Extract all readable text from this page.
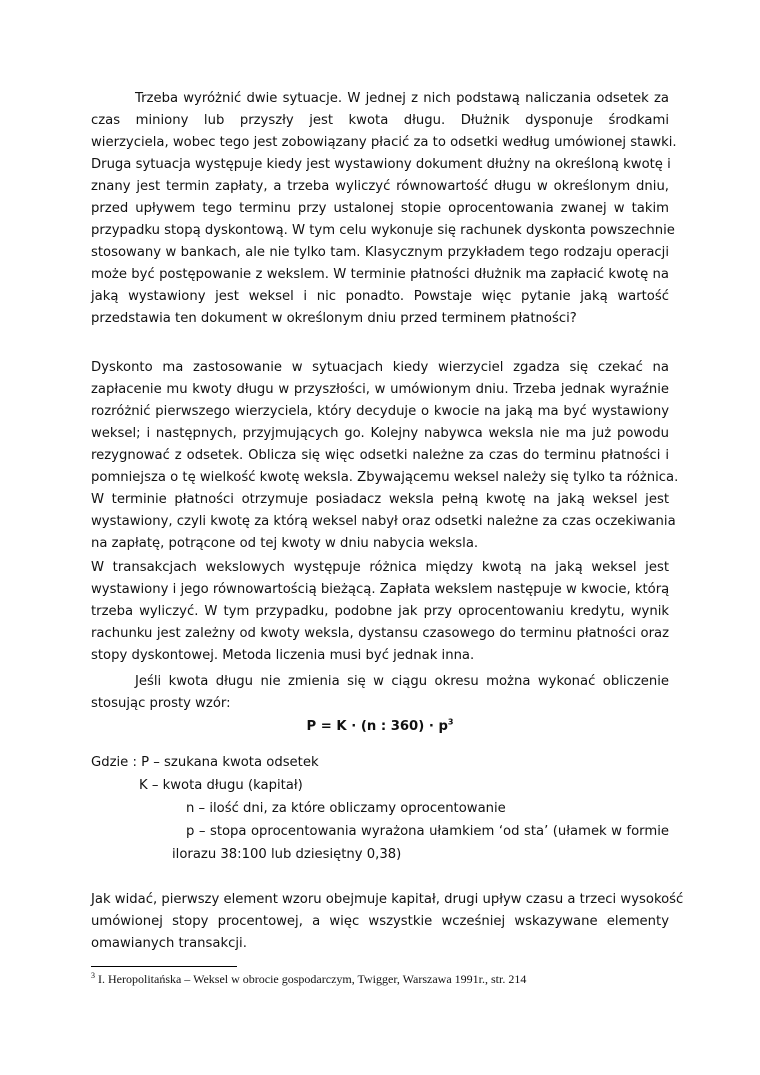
Trzeba wyróżnić dwie sytuacje. W jednej z nich podstawą naliczania odsetek za
czas miniony lub przyszły jest kwota długu. Dłużnik dysponuje środkami
wierzyciela, wobec tego jest zobowiązany płacić za to odsetki według umówionej stawki.
Druga sytuacja występuje kiedy jest wystawiony dokument dłużny na określoną kwotę i
znany jest termin zapłaty, a trzeba wyliczyć równowartość długu w określonym dniu,
przed upływem tego terminu przy ustalonej stopie oprocentowania zwanej w takim
przypadku stopą dyskontową. W tym celu wykonuje się rachunek dyskonta powszechnie
stosowany w bankach, ale nie tylko tam. Klasycznym przykładem tego rodzaju operacji
może być postępowanie z wekslem. W terminie płatności dłużnik ma zapłacić kwotę na
jaką wystawiony jest weksel i nic ponadto. Powstaje więc pytanie jaką wartość
przedstawia ten dokument w określonym dniu przed terminem płatności?
Dyskonto ma zastosowanie w sytuacjach kiedy wierzyciel zgadza się czekać na
zapłacenie mu kwoty długu w przyszłości, w umówionym dniu. Trzeba jednak wyraźnie
rozróżnić pierwszego wierzyciela, który decyduje o kwocie na jaką ma być wystawiony
weksel; i następnych, przyjmujących go. Kolejny nabywca weksla nie ma już powodu
rezygnować z odsetek. Oblicza się więc odsetki należne za czas do terminu płatności i
pomniejsza o tę wielkość kwotę weksla. Zbywającemu weksel należy się tylko ta różnica.
W terminie płatności otrzymuje posiadacz weksla pełną kwotę na jaką weksel jest
wystawiony, czyli kwotę za którą weksel nabył oraz odsetki należne za czas oczekiwania
na zapłatę, potrącone od tej kwoty w dniu nabycia weksla.
W transakcjach wekslowych występuje różnica między kwotą na jaką weksel jest
wystawiony i jego równowartością bieżącą. Zapłata wekslem następuje w kwocie, którą
trzeba wyliczyć. W tym przypadku, podobne jak przy oprocentowaniu kredytu, wynik
rachunku jest zależny od kwoty weksla, dystansu czasowego do terminu płatności oraz
stopy dyskontowej. Metoda liczenia musi być jednak inna.
Jeśli kwota długu nie zmienia się w ciągu okresu można wykonać obliczenie
stosując prosty wzór:
P = K · (n : $360) \cdot p^3$
Gdzie : P – szukana kwota odsetek
K – kwota długu (kapitał)
n – ilość dni, za które obliczamy oprocentowanie
p – stopa oprocentowania wyrażona ułamkiem ‘od sta’ (ułamek w formie
ilorazu 38:100 lub dziesiętny 0,38)
Jak widać, pierwszy element wzoru obejmuje kapitał, drugi upływ czasu a trzeci wysokość
umówionej stopy procentowej, a więc wszystkie wcześniej wskazywane elementy
omawianych transakcji.
$^3$ I. Heropolitańska – Weksel w obrocie gospodarczym, Twigger, Warszawa 1991r., str. 214
